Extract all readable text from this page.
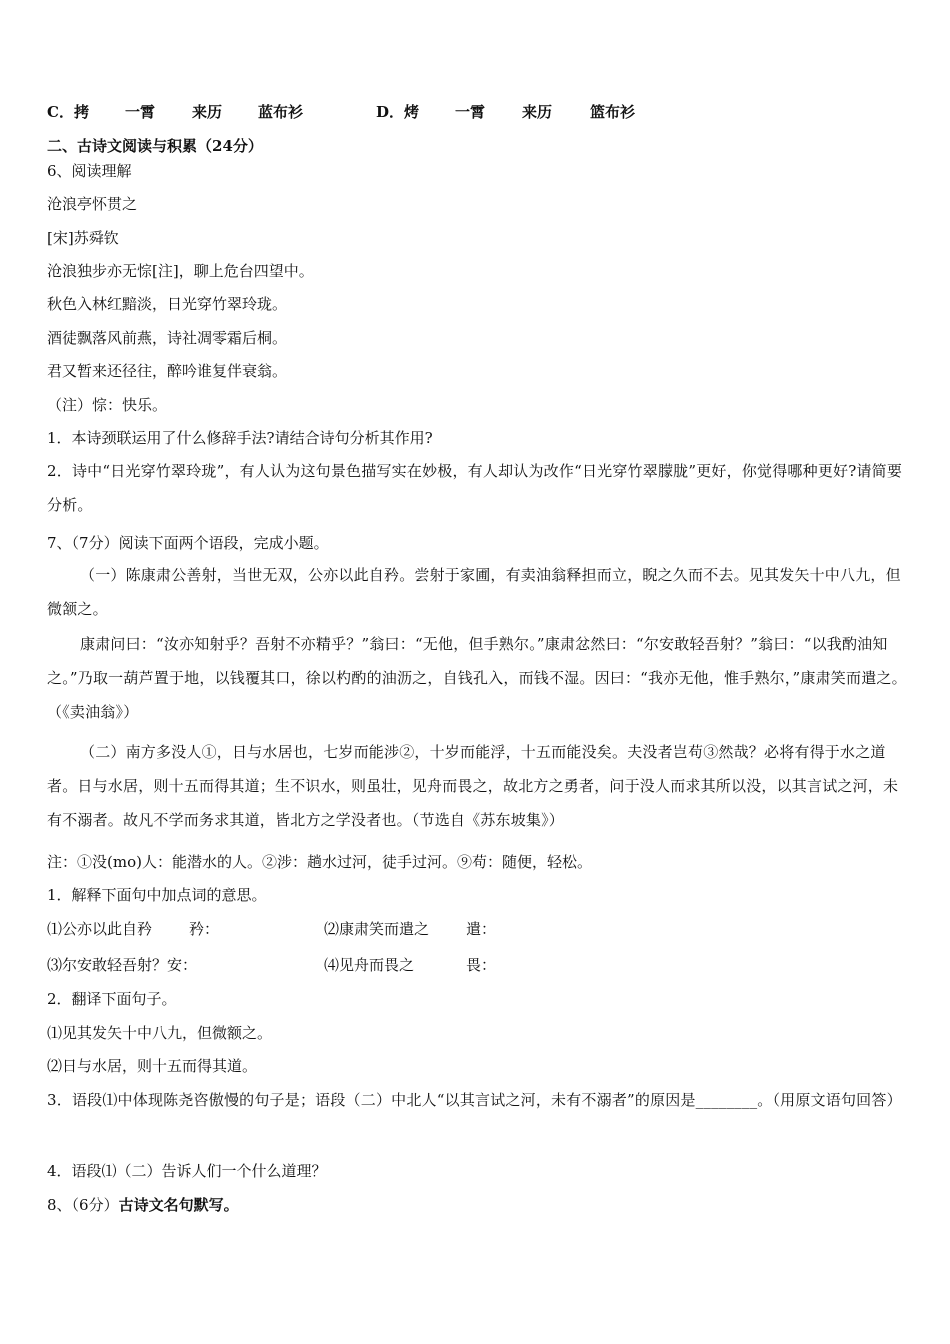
C．拷 一霄 来历 蓝布衫	D．烤 一霄 来历	篮布衫
二、古诗文阅读与积累（24分）
6、阅读理解
沧浪亭怀贯之
[宋]苏舜钦
沧浪独步亦无悰[注]，聊上危台四望中。
秋色入林红黯淡，日光穿竹翠玲珑。
酒徒飘落风前燕，诗社凋零霜后桐。
君又暂来还径往，醉吟谁复伴衰翁。
（注）悰：快乐。
1．本诗颈联运用了什么修辞手法?请结合诗句分析其作用?
2．诗中“日光穿竹翠玲珑”，有人认为这句景色描写实在妙极，有人却认为改作“日光穿竹翠朦胧”更好，你觉得哪种更好?请简要分析。
7、（7分）阅读下面两个语段，完成小题。
（一）陈康肃公善射，当世无双，公亦以此自矜。尝射于家圃，有卖油翁释担而立，睨之久而不去。见其发矢十中八九，但微颔之。
康肃问曰：“汝亦知射乎？吾射不亦精乎？”翁曰：“无他，但手熟尔。”康肃忿然曰：“尔安敢轻吾射？”翁曰：“以我酌油知之。”乃取一葫芦置于地，以钱覆其口，徐以杓酌的油沥之，自钱孔入，而钱不湿。因曰：“我亦无他，惟手熟尔，”康肃笑而遣之。（《卖油翁》）
（二）南方多没人①，日与水居也，七岁而能涉②，十岁而能浮，十五而能没矣。夫没者岂苟③然哉？必将有得于水之道者。日与水居，则十五而得其道；生不识水，则虽壮，见舟而畏之，故北方之勇者，问于没人而求其所以没，以其言试之河，未有不溺者。故凡不学而务求其道，皆北方之学没者也。（节选自《苏东坡集》）
注：①没(mo)人：能潜水的人。②涉：趟水过河，徒手过河。⑨苟：随便，轻松。
1．解释下面句中加点词的意思。
⑴公亦以此自矜 矜：	⑵康肃笑而遣之 遣：
⑶尔安敢轻吾射？安：	⑷见舟而畏之	畏：
2．翻译下面句子。
⑴见其发矢十中八九，但微额之。
⑵日与水居，则十五而得其道。
3．语段⑴中体现陈尧咨傲慢的句子是；语段（二）中北人“以其言试之河，未有不溺者”的原因是________。（用原文语句回答）
4．语段⑴（二）告诉人们一个什么道理？
8、（6分）古诗文名句默写。
